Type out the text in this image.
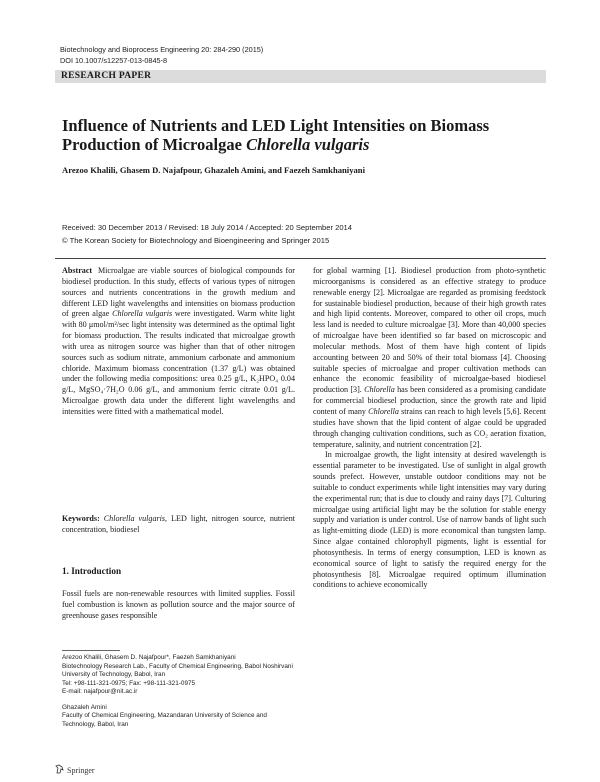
Biotechnology and Bioprocess Engineering 20: 284-290 (2015)
DOI 10.1007/s12257-013-0845-8
RESEARCH PAPER
Influence of Nutrients and LED Light Intensities on Biomass Production of Microalgae Chlorella vulgaris
Arezoo Khalili, Ghasem D. Najafpour, Ghazaleh Amini, and Faezeh Samkhaniyani
Received: 30 December 2013 / Revised: 18 July 2014 / Accepted: 20 September 2014
© The Korean Society for Biotechnology and Bioengineering and Springer 2015

Abstract Microalgae are viable sources of biological compounds for biodiesel production. In this study, effects of various types of nitrogen sources and nutrients concentrations in the growth medium and different LED light wavelengths and intensities on biomass production of green algae Chlorella vulgaris were investigated. Warm white light with 80 μmol/m²/sec light intensity was determined as the optimal light for biomass production. The results indicated that microalgae growth with urea as nitrogen source was higher than that of other nitrogen sources such as sodium nitrate, ammonium carbonate and ammonium chloride. Maximum biomass concentration (1.37 g/L) was obtained under the following media compositions: urea 0.25 g/L, K₂HPO₄ 0.04 g/L, MgSO₄·7H₂O 0.06 g/L, and ammonium ferric citrate 0.01 g/L. Microalgae growth data under the different light wavelengths and intensities were fitted with a mathematical model.

Keywords: Chlorella vulgaris, LED light, nitrogen source, nutrient concentration, biodiesel

1. Introduction
Fossil fuels are non-renewable resources with limited supplies. Fossil fuel combustion is known as pollution source and the major source of greenhouse gases responsible
Arezoo Khalili, Ghasem D. Najafpour*, Faezeh Samkhaniyani
Biotechnology Research Lab., Faculty of Chemical Engineering, Babol Noshirvani University of Technology, Babol, Iran
Tel: +98-111-321-0975; Fax: +98-111-321-0975
E-mail: najafpour@nit.ac.ir
Ghazaleh Amini
Faculty of Chemical Engineering, Mazandaran University of Science and Technology, Babol, Iran

for global warming [1]. Biodiesel production from photo-synthetic microorganisms is considered as an effective strategy to produce renewable energy [2]. Microalgae are regarded as promising feedstock for sustainable biodiesel production, because of their high growth rates and high lipid contents. Moreover, compared to other oil crops, much less land is needed to culture microalgae [3]. More than 40,000 species of microalgae have been identified so far based on microscopic and molecular methods. Most of them have high content of lipids accounting between 20 and 50% of their total biomass [4]. Choosing suitable species of microalgae and proper cultivation methods can enhance the economic feasibility of microalgae-based biodiesel production [3]. Chlorella has been considered as a promising candidate for commercial biodiesel production, since the growth rate and lipid content of many Chlorella strains can reach to high levels [5,6]. Recent studies have shown that the lipid content of algae could be upgraded through changing cultivation conditions, such as CO₂ aeration fixation, temperature, salinity, and nutrient concentration [2].

In microalgae growth, the light intensity at desired wavelength is essential parameter to be investigated. Use of sunlight in algal growth sounds prefect. However, unstable outdoor conditions may not be suitable to conduct experiments while light intensities may vary during the experimental run; that is due to cloudy and rainy days [7]. Culturing microalgae using artificial light may be the solution for stable energy supply and variation is under control. Use of narrow bands of light such as light-emitting diode (LED) is more economical than tungsten lamp. Since algae contained chlorophyll pigments, light is essential for photosynthesis. In terms of energy consumption, LED is known as economical source of light to satisfy the required energy for the photosynthesis [8]. Microalgae required optimum illumination conditions to achieve economically

Springer
